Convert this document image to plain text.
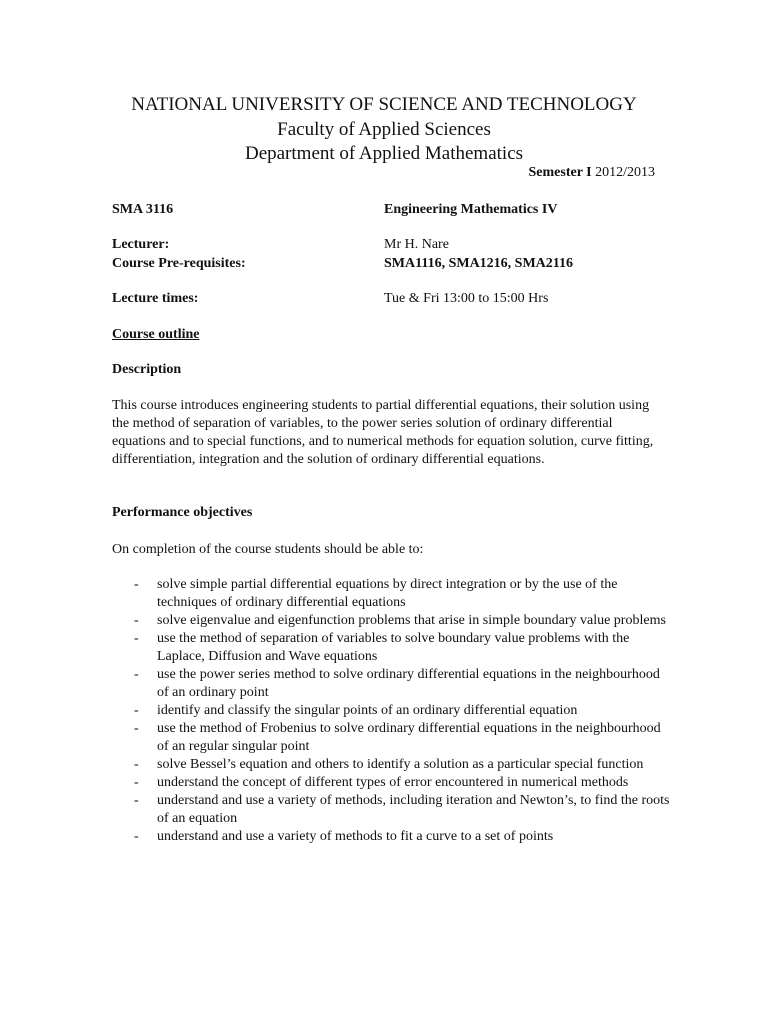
NATIONAL UNIVERSITY OF SCIENCE AND TECHNOLOGY
Faculty of Applied Sciences
Department of Applied Mathematics
Semester I 2012/2013
SMA 3116	Engineering Mathematics IV
Lecturer:	Mr H. Nare
Course Pre-requisites:	SMA1116, SMA1216, SMA2116
Lecture times:	Tue & Fri 13:00 to 15:00 Hrs
Course outline
Description
This course introduces engineering students to partial differential equations, their solution using the method of separation of variables, to the power series solution of ordinary differential equations and to special functions, and to numerical methods for equation solution, curve fitting, differentiation, integration and the solution of ordinary differential equations.
Performance objectives
On completion of the course students should be able to:
- solve simple partial differential equations by direct integration or by the use of the techniques of ordinary differential equations
- solve eigenvalue and eigenfunction problems that arise in simple boundary value problems
- use the method of separation of variables to solve boundary value problems with the Laplace, Diffusion and Wave equations
- use the power series method to solve ordinary differential equations in the neighbourhood of an ordinary point
- identify and classify the singular points of an ordinary differential equation
- use the method of Frobenius to solve ordinary differential equations in the neighbourhood of an regular singular point
- solve Bessel’s equation and others to identify a solution as a particular special function
- understand the concept of different types of error encountered in numerical methods
- understand and use a variety of methods, including iteration and Newton’s, to find the roots of an equation
- understand and use a variety of methods to fit a curve to a set of points
